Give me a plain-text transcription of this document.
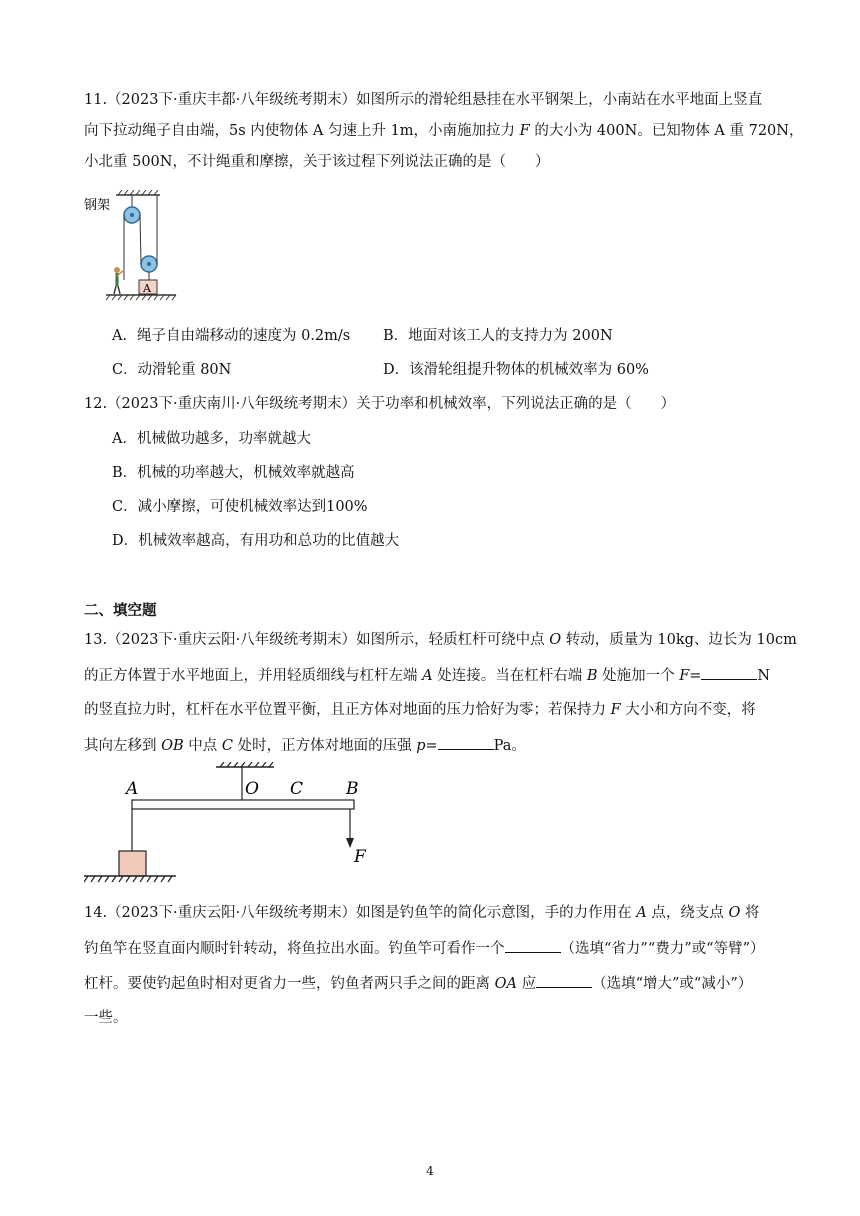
11.（2023下·重庆丰都·八年级统考期末）如图所示的滑轮组悬挂在水平钢架上，小南站在水平地面上竖直
向下拉动绳子自由端，5s 内使物体 A 匀速上升 1m，小南施加拉力 F 的大小为 400N。已知物体 A 重 720N，
小北重 500N，不计绳重和摩擦，关于该过程下列说法正确的是（　　）
钢架
A
A．绳子自由端移动的速度为 0.2m/s B．地面对该工人的支持力为 200N
C．动滑轮重 80N	D．该滑轮组提升物体的机械效率为 60%
12.（2023下·重庆南川·八年级统考期末）关于功率和机械效率，下列说法正确的是（　　）
A．机械做功越多，功率就越大
B．机械的功率越大，机械效率就越高
C．减小摩擦，可使机械效率达到100%
D．机械效率越高，有用功和总功的比值越大
二、填空题
13.（2023下·重庆云阳·八年级统考期末）如图所示，轻质杠杆可绕中点 O 转动，质量为 10kg、边长为 10cm
的正方体置于水平地面上，并用轻质细线与杠杆左端 A 处连接。当在杠杆右端 B 处施加一个 F=	N
的竖直拉力时，杠杆在水平位置平衡，且正方体对地面的压力恰好为零；若保持力 F 大小和方向不变，将
其向左移到 OB 中点 C 处时，正方体对地面的压强 p=	Pa。
A	O C	B
F
14.（2023下·重庆云阳·八年级统考期末）如图是钓鱼竿的简化示意图，手的力作用在 A 点，绕支点 O 将
钓鱼竿在竖直面内顺时针转动，将鱼拉出水面。钓鱼竿可看作一个	（选填“省力”“费力”或“等臂”）
杠杆。要使钓起鱼时相对更省力一些，钓鱼者两只手之间的距离 OA 应	（选填“增大”或“减小”）
一些。
4
